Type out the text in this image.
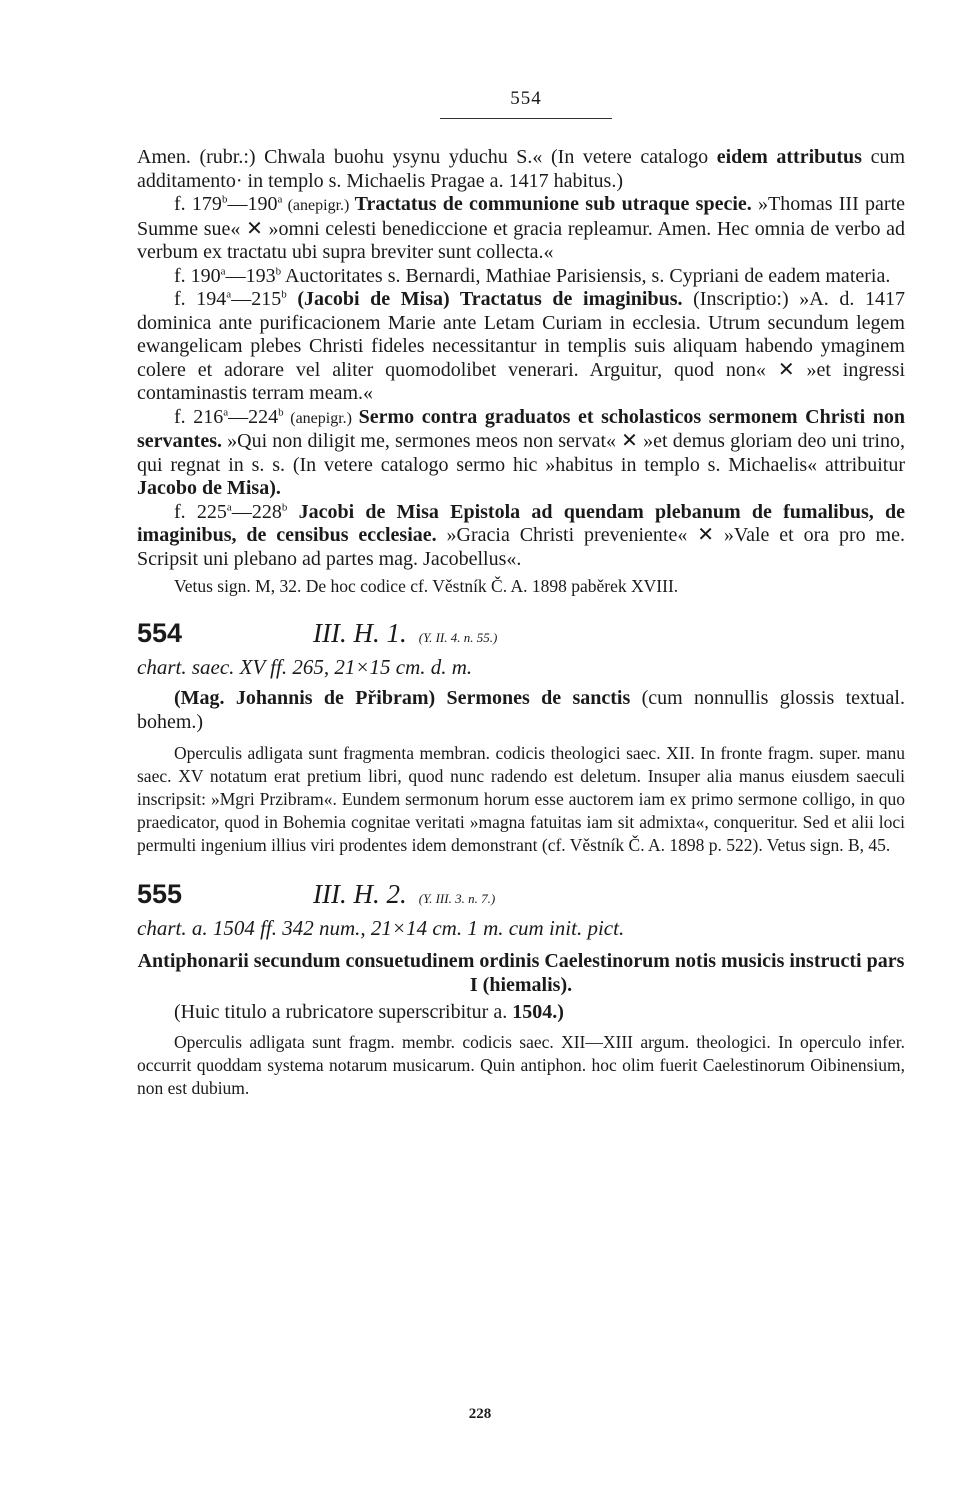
554

Amen. (rubr.:) Chwala buohu ysynu yduchu S.« (In vetere catalogo eidem attributus cum additamento· in templo s. Michaelis Pragae a. 1417 habitus.)

f. 179$^b$—190$^a$ (anepigr.) Tractatus de communione sub utraque specie. »Thomas III parte Summe sue« ✕ »omni celesti benediccione et gracia repleamur. Amen. Hec omnia de verbo ad verbum ex tractatu ubi supra breviter sunt collecta.«

f. 190$^a$—193$^b$ Auctoritates s. Bernardi, Mathiae Parisiensis, s. Cypriani de eadem materia.

f. 194$^a$—215$^b$ (Jacobi de Misa) Tractatus de imaginibus. (Inscriptio:) »A. d. 1417 dominica ante purificacionem Marie ante Letam Curiam in ecclesia. Utrum secundum legem ewangelicam plebes Christi fideles necessitantur in templis suis aliquam habendo ymaginem colere et adorare vel aliter quomodolibet venerari. Arguitur, quod non« ✕ »et ingressi contaminastis terram meam.«

f. 216$^a$—224$^b$ (anepigr.) Sermo contra graduatos et scholasticos sermonem Christi non servantes. »Qui non diligit me, sermones meos non servat« ✕ »et demus gloriam deo uni trino, qui regnat in s. s. (In vetere catalogo sermo hic »habitus in templo s. Michaelis« attribuitur Jacobo de Misa).

f. 225$^a$—228$^b$ Jacobi de Misa Epistola ad quendam plebanum de fumalibus, de imaginibus, de censibus ecclesiae. »Gracia Christi preveniente« ✕ »Vale et ora pro me. Scripsit uni plebano ad partes mag. Jacobellus«.

Vetus sign. M, 32. De hoc codice cf. Věstník Č. A. 1898 paběrek XVIII.

554	III. H. 1. (Y. II. 4. n. 55.)

chart. saec. XV ff. 265, 21×15 cm. d. m.

(Mag. Johannis de Přibram) Sermones de sanctis (cum nonnullis glossis textual. bohem.)

Operculis adligata sunt fragmenta membran. codicis theologici saec. XII. In fronte fragm. super. manu saec. XV notatum erat pretium libri, quod nunc radendo est deletum. Insuper alia manus eiusdem saeculi inscripsit: »Mgri Przibram«. Eundem sermonum horum esse auctorem iam ex primo sermone colligo, in quo praedicator, quod in Bohemia cognitae veritati »magna fatuitas iam sit admixta«, conqueritur. Sed et alii loci permulti ingenium illius viri prodentes idem demonstrant (cf. Věstník Č. A. 1898 p. 522). Vetus sign. B, 45.

555	III. H. 2. (Y. III. 3. n. 7.)

chart. a. 1504 ff. 342 num., 21×14 cm. 1 m. cum init. pict.

Antiphonarii secundum consuetudinem ordinis Caelestinorum notis musicis instructi pars I (hiemalis).

(Huic titulo a rubricatore superscribitur a. 1504.)

Operculis adligata sunt fragm. membr. codicis saec. XII—XIII argum. theologici. In operculo infer. occurrit quoddam systema notarum musicarum. Quin antiphon. hoc olim fuerit Caelestinorum Oibinensium, non est dubium.

228
